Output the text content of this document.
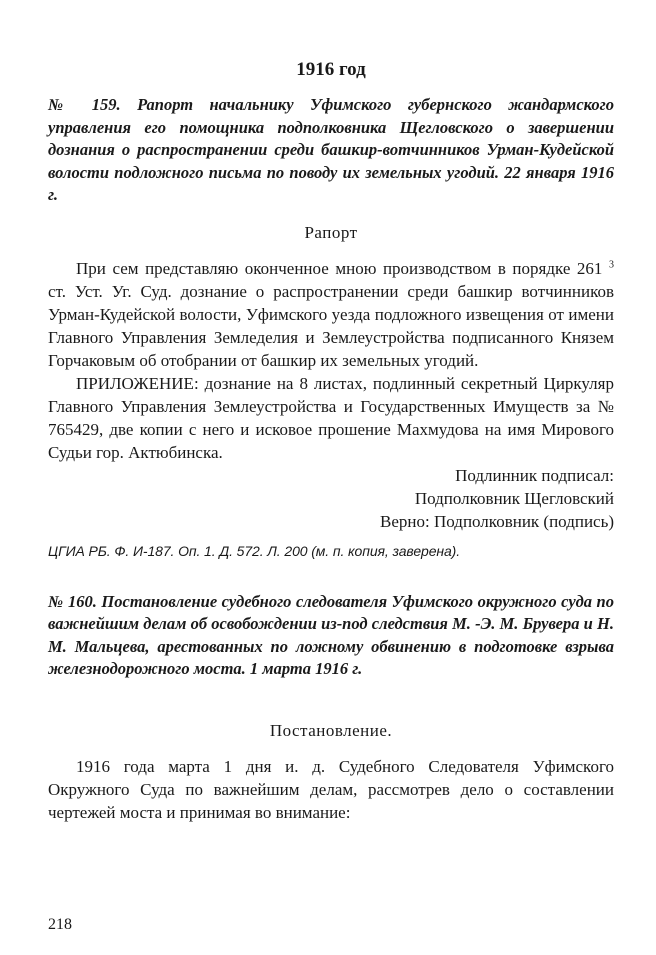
1916 год

№ 159. Рапорт начальнику Уфимского губернского жандармского управления его помощника подполковника Щегловского о завершении дознания о распространении среди башкир-вотчинников Урман-Кудейской волости подложного письма по поводу их земельных угодий. 22 января 1916 г.

Рапорт

При сем представляю оконченное мною производством в порядке 261 $^3$ ст. Уст. Уг. Суд. дознание о распространении среди башкир вотчинников Урман-Кудейской волости, Уфимского уезда подложного извещения от имени Главного Управления Земледелия и Землеустройства подписанного Князем Горчаковым об отобрании от башкир их земельных угодий.

ПРИЛОЖЕНИЕ: дознание на 8 листах, подлинный секретный Циркуляр Главного Управления Землеустройства и Государственных Имуществ за № 765429, две копии с него и исковое прошение Махмудова на имя Мирового Судьи гор. Актюбинска.

Подлинник подписал:

Подполковник Щегловский

Верно: Подполковник (подпись)

ЦГИА РБ. Ф. И-187. Оп. 1. Д. 572. Л. 200 (м. п. копия, заверена).

№ 160. Постановление судебного следователя Уфимского окружного суда по важнейшим делам об освобождении из-под следствия М. -Э. М. Брувера и Н. М. Мальцева, арестованных по ложному обвинению в подготовке взрыва железнодорожного моста. 1 марта 1916 г.

Постановление.

1916 года марта 1 дня и. д. Судебного Следователя Уфимского Окружного Суда по важнейшим делам, рассмотрев дело о составлении чертежей моста и принимая во внимание:

218
